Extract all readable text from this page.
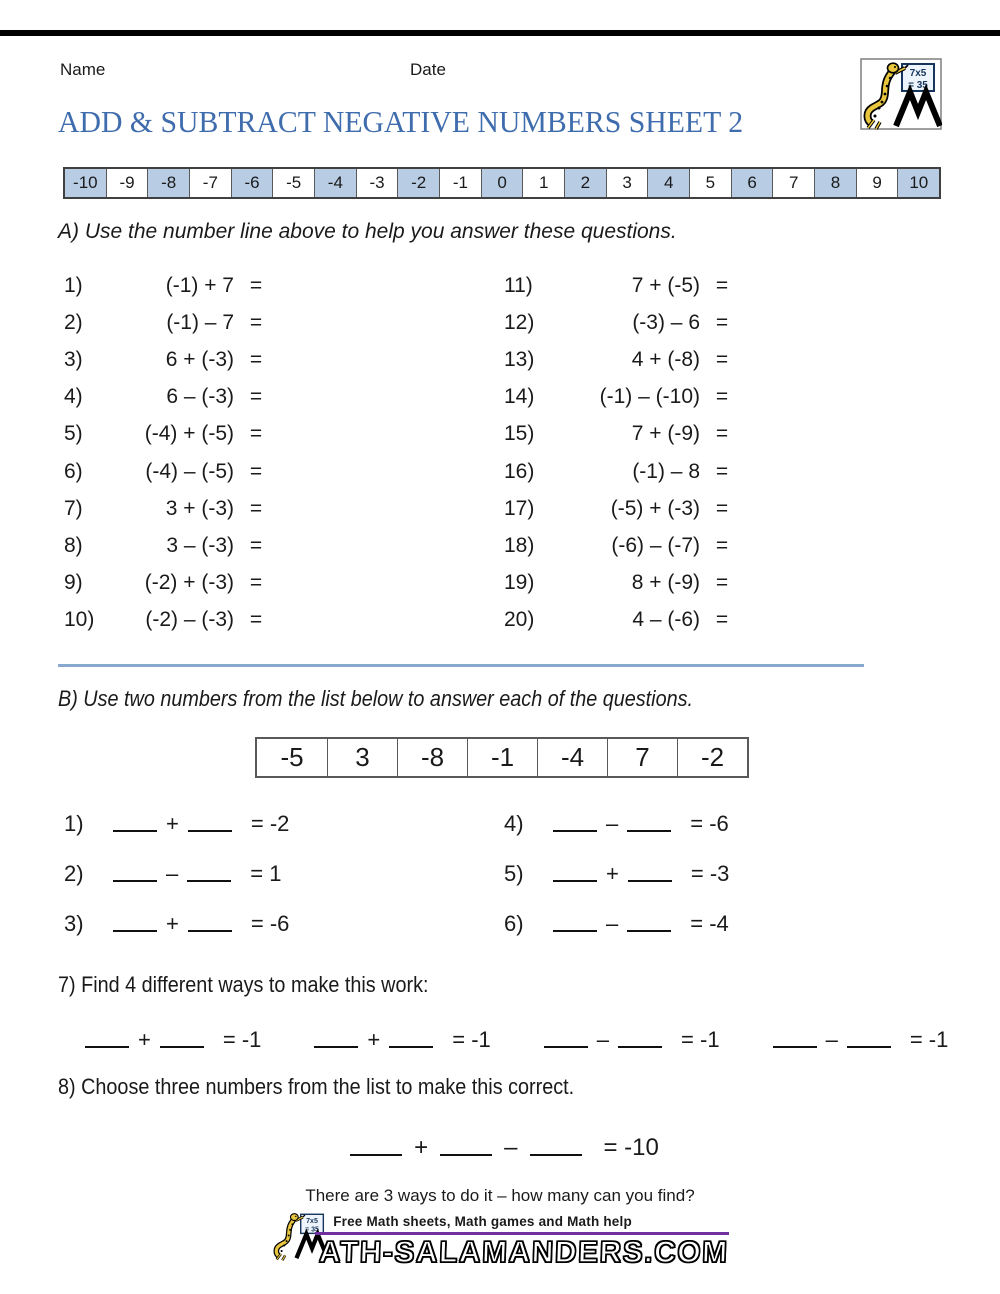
Name	Date
ADD & SUBTRACT NEGATIVE NUMBERS SHEET 2
-10	-9	-8	-7	-6	-5	-4	-3	-2	-1	0	1	2	3	4	5	6	7	8	9	10
A) Use the number line above to help you answer these questions.
1)	(-1) + 7 =
2)	(-1) – 7 =
3)	6 + (-3) =
4)	6 – (-3) =
5)	(-4) + (-5) =
6)	(-4) – (-5) =
7)	3 + (-3) =
8)	3 – (-3) =
9)	(-2) + (-3) =
10)	(-2) – (-3) =
11)	7 + (-5) =
12)	(-3) – 6 =
13)	4 + (-8) =
14)	(-1) – (-10) =
15)	7 + (-9) =
16)	(-1) – 8 =
17)	(-5) + (-3) =
18)	(-6) – (-7) =
19)	8 + (-9) =
20)	4 – (-6) =
B) Use two numbers from the list below to answer each of the questions.
-5	3	-8	-1	-4	7	-2
1)	+	= -2
2)	–	= 1
3)	+	= -6
4)	–	= -6
5)	+	= -3
6)	–	= -4
7) Find 4 different ways to make this work:
+	= -1	+	= -1	–	= -1	–	= -1
8) Choose three numbers from the list to make this correct.
+	–	= -10
There are 3 ways to do it – how many can you find?
Free Math sheets, Math games and Math help
ATH-SALAMANDERS.COM
